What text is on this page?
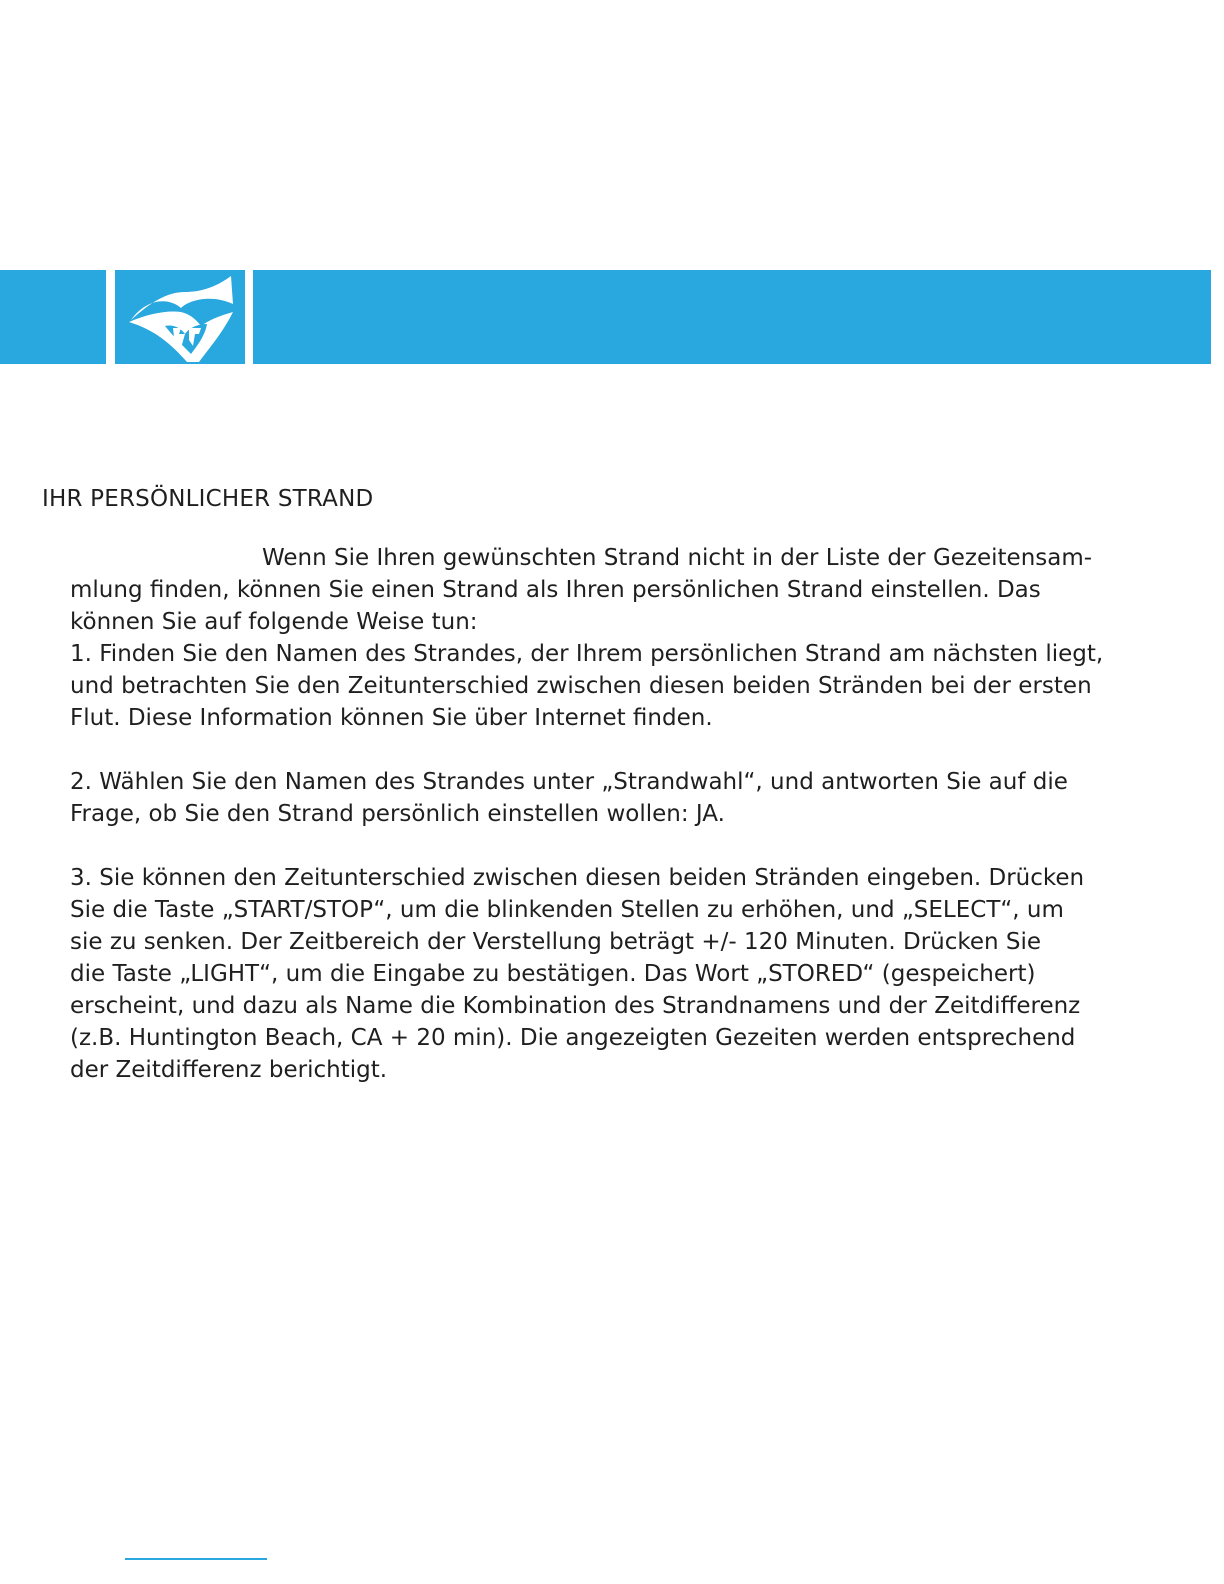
IHR PERSÖNLICHER STRAND

Wenn Sie Ihren gewünschten Strand nicht in der Liste der Gezeitensam-

mlung finden, können Sie einen Strand als Ihren persönlichen Strand einstellen. Das

können Sie auf folgende Weise tun:

1. Finden Sie den Namen des Strandes, der Ihrem persönlichen Strand am nächsten liegt,

und betrachten Sie den Zeitunterschied zwischen diesen beiden Stränden bei der ersten

Flut. Diese Information können Sie über Internet finden.

2. Wählen Sie den Namen des Strandes unter „Strandwahl“, und antworten Sie auf die

Frage, ob Sie den Strand persönlich einstellen wollen: JA.

3. Sie können den Zeitunterschied zwischen diesen beiden Stränden eingeben. Drücken

Sie die Taste „START/STOP“, um die blinkenden Stellen zu erhöhen, und „SELECT“, um

sie zu senken. Der Zeitbereich der Verstellung beträgt +/- 120 Minuten. Drücken Sie

die Taste „LIGHT“, um die Eingabe zu bestätigen. Das Wort „STORED“ (gespeichert)

erscheint, und dazu als Name die Kombination des Strandnamens und der Zeitdifferenz

(z.B. Huntington Beach, CA + 20 min). Die angezeigten Gezeiten werden entsprechend

der Zeitdifferenz berichtigt.
